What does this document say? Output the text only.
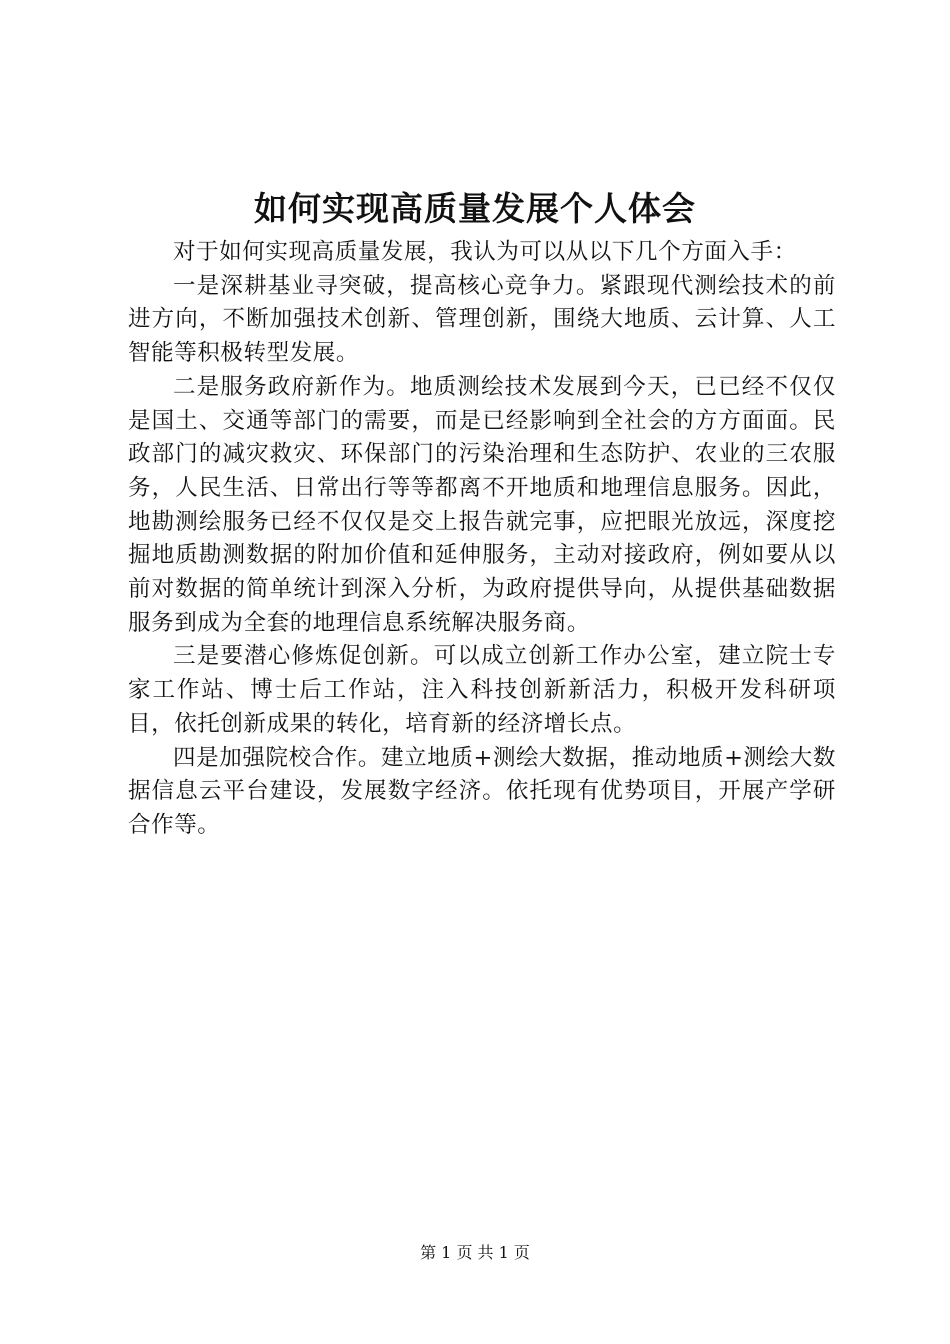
如何实现高质量发展个人体会

对于如何实现高质量发展，我认为可以从以下几个方面入手：

一是深耕基业寻突破，提高核心竞争力。紧跟现代测绘技术的前进方向，不断加强技术创新、管理创新，围绕大地质、云计算、人工智能等积极转型发展。

二是服务政府新作为。地质测绘技术发展到今天，已已经不仅仅是国土、交通等部门的需要，而是已经影响到全社会的方方面面。民政部门的减灾救灾、环保部门的污染治理和生态防护、农业的三农服务，人民生活、日常出行等等都离不开地质和地理信息服务。因此，地勘测绘服务已经不仅仅是交上报告就完事，应把眼光放远，深度挖掘地质勘测数据的附加价值和延伸服务，主动对接政府，例如要从以前对数据的简单统计到深入分析，为政府提供导向，从提供基础数据服务到成为全套的地理信息系统解决服务商。

三是要潜心修炼促创新。可以成立创新工作办公室，建立院士专家工作站、博士后工作站，注入科技创新新活力，积极开发科研项目，依托创新成果的转化，培育新的经济增长点。

四是加强院校合作。建立地质+测绘大数据，推动地质+测绘大数据信息云平台建设，发展数字经济。依托现有优势项目，开展产学研合作等。

第 1 页 共 1 页
